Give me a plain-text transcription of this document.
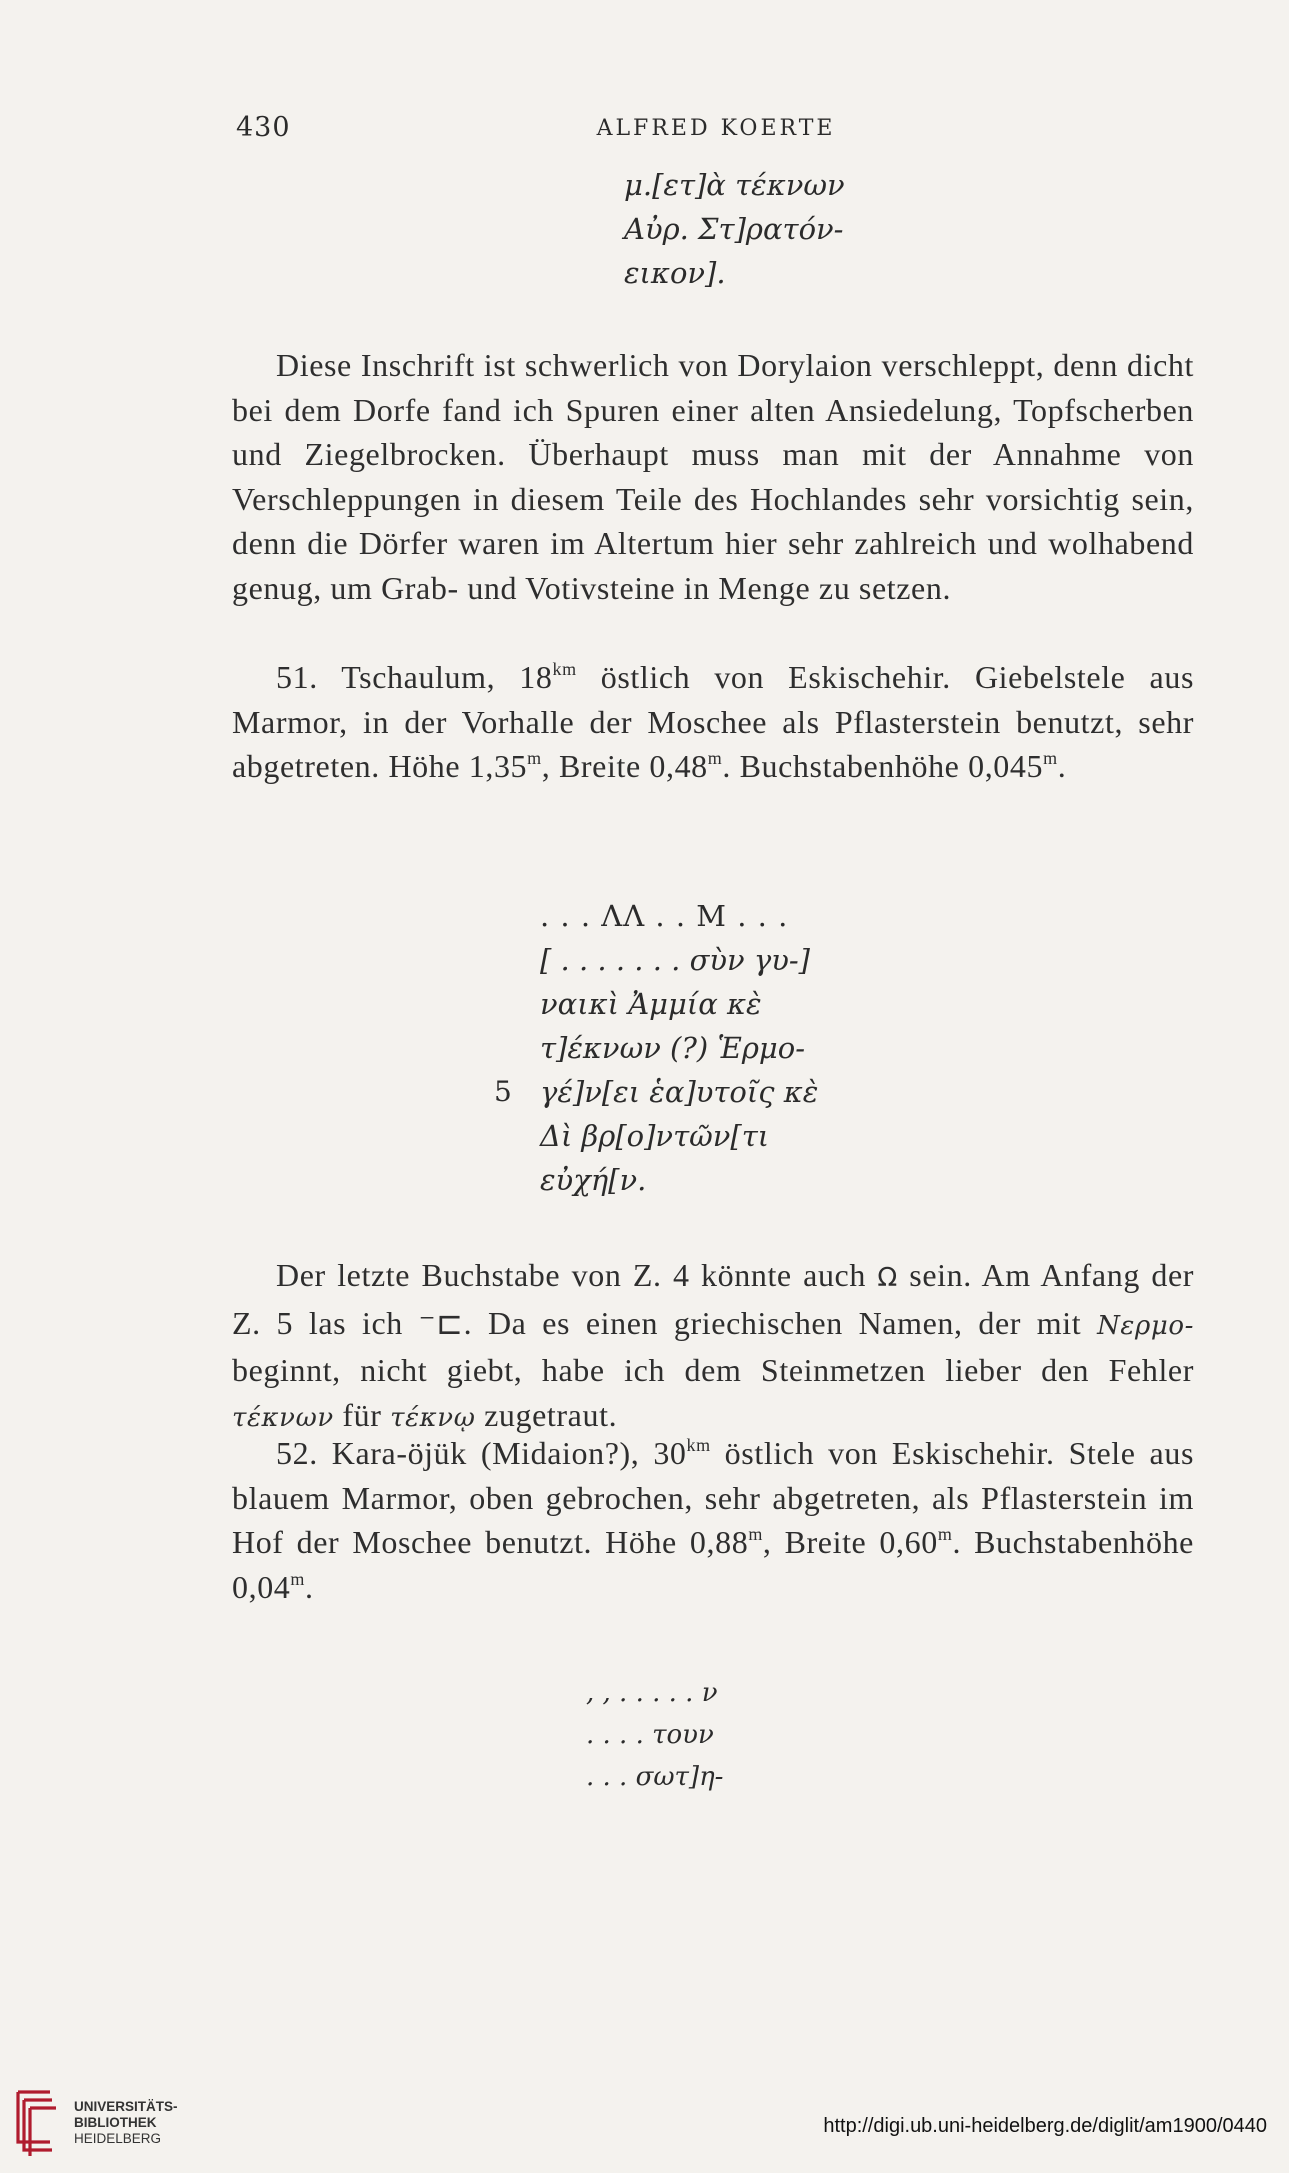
430	ALFRED KOERTE
μ.[ετ]ὰ τέκνων
Αὐρ. Στ]ρατόν-
εικον].

Diese Inschrift ist schwerlich von Dorylaion verschleppt, denn dicht bei dem Dorfe fand ich Spuren einer alten Ansiedelung, Topfscherben und Ziegelbrocken. Überhaupt muss man mit der Annahme von Verschleppungen in diesem Teile des Hochlandes sehr vorsichtig sein, denn die Dörfer waren im Altertum hier sehr zahlreich und wolhabend genug, um Grab- und Votivsteine in Menge zu setzen.

51. Tschaulum, $18^{km}$ östlich von Eskischehir. Giebelstele aus Marmor, in der Vorhalle der Moschee als Pflasterstein benutzt, sehr abgetreten. Höhe 1,35$^m$, Breite 0,48$^m$. Buchstabenhöhe 0,045$^m$.

. . . ΛΛ . . Μ . . .
[ . . . . . . . σὺν γυ-]
ναικὶ Ἀμμία κὲ
τ]έκνων (?) Ἑρμο-
5 γέ]ν[ει ἑα]υτοῖς κὲ
Δὶ βρ[ο]ντῶν[τι
εὐχή[ν.

Der letzte Buchstabe von Z. 4 könnte auch Ω sein. Am Anfang der Z. 5 las ich ⁻⊏. Da es einen griechischen Namen, der mit Νερμο- beginnt, nicht giebt, habe ich dem Steinmetzen lieber den Fehler τέκνων für τέκνῳ zugetraut.

52. Kara-öjük (Midaion?), $30^{km}$ östlich von Eskischehir. Stele aus blauem Marmor, oben gebrochen, sehr abgetreten, als Pflasterstein im Hof der Moschee benutzt. Höhe 0,88$^m$, Breite 0,60$^m$. Buchstabenhöhe 0,04$^m$.

, , . . . . . ν
. . . . τουν
. . . σωτ]η-
UNIVERSITÄTS-
BIBLIOTHEK
HEIDELBERG
http://digi.ub.uni-heidelberg.de/diglit/am1900/0440
